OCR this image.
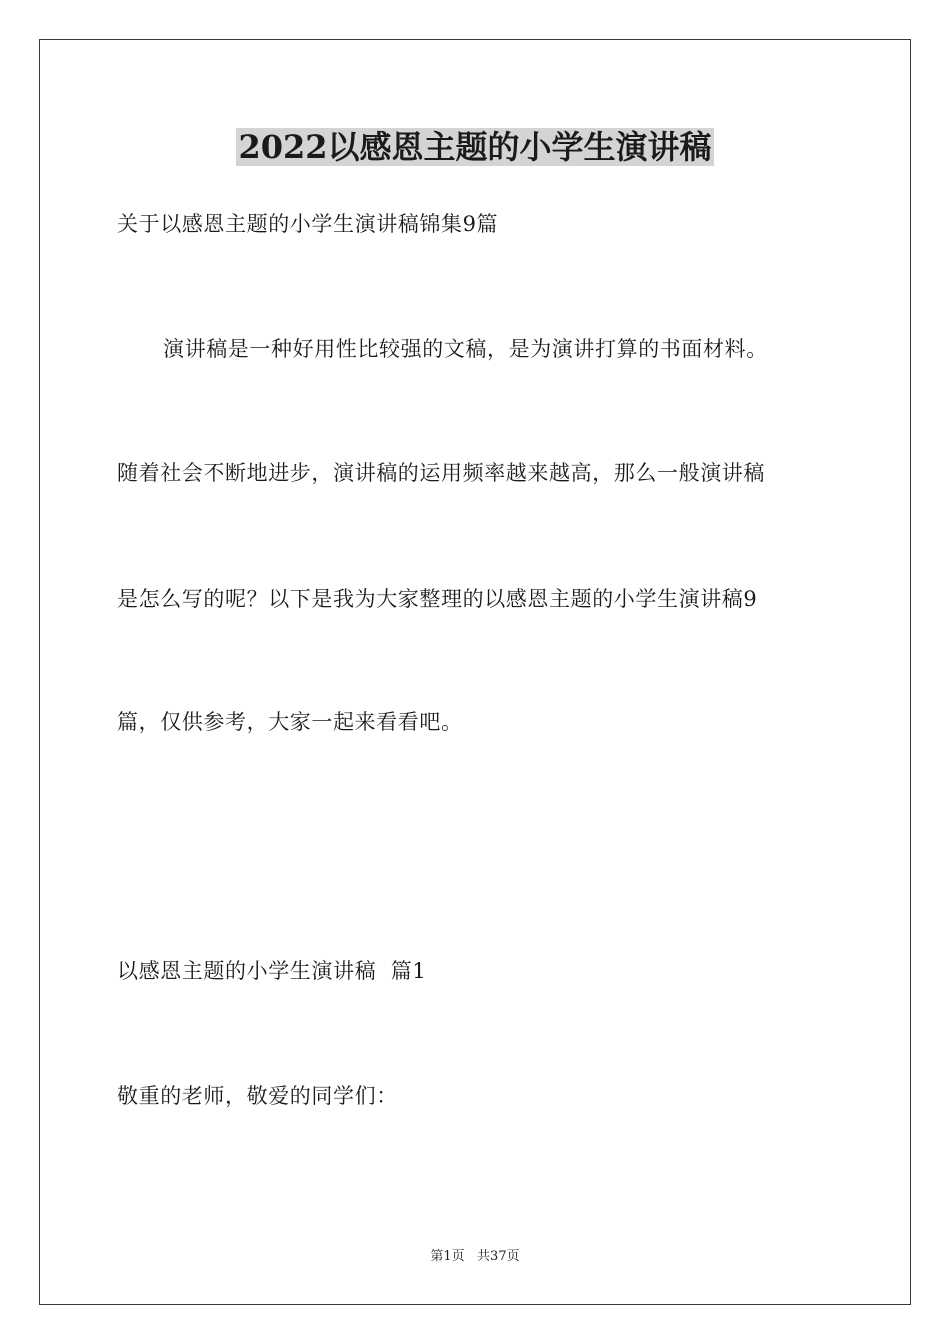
2022以感恩主题的小学生演讲稿

关于以感恩主题的小学生演讲稿锦集9篇

演讲稿是一种好用性比较强的文稿，是为演讲打算的书面材料。

随着社会不断地进步，演讲稿的运用频率越来越高，那么一般演讲稿

是怎么写的呢？以下是我为大家整理的以感恩主题的小学生演讲稿9

篇，仅供参考，大家一起来看看吧。

以感恩主题的小学生演讲稿  篇1

敬重的老师，敬爱的同学们：

第1页   共37页
